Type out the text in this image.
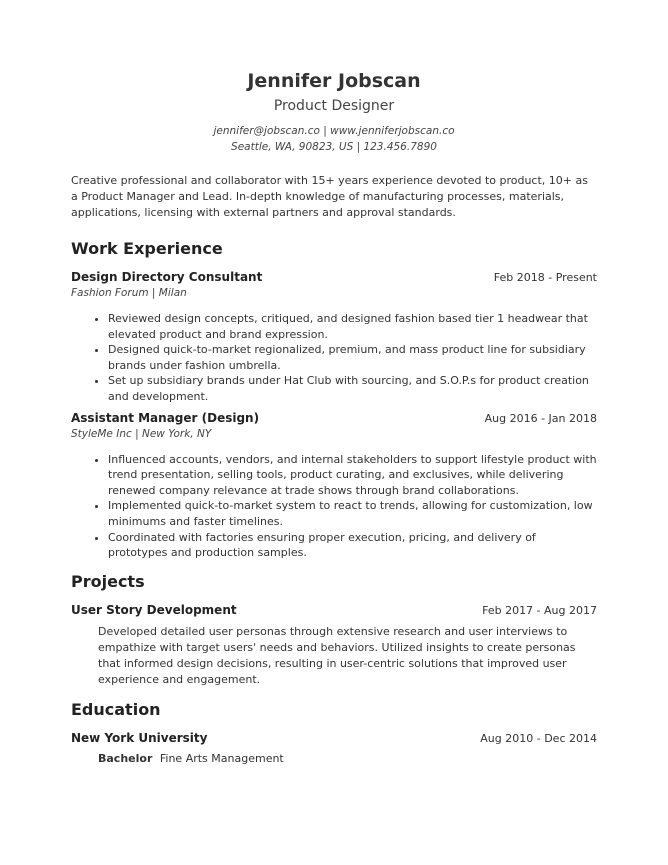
Jennifer Jobscan
Product Designer
jennifer@jobscan.co | www.jenniferjobscan.co
Seattle, WA, 90823, US | 123.456.7890
Creative professional and collaborator with 15+ years experience devoted to product, 10+ as a Product Manager and Lead. In-depth knowledge of manufacturing processes, materials, applications, licensing with external partners and approval standards.
Work Experience
Design Directory Consultant	Feb 2018 - Present
Fashion Forum | Milan
• Reviewed design concepts, critiqued, and designed fashion based tier 1 headwear that elevated product and brand expression.
• Designed quick-to-market regionalized, premium, and mass product line for subsidiary brands under fashion umbrella.
• Set up subsidiary brands under Hat Club with sourcing, and S.O.P.s for product creation and development.
Assistant Manager (Design)	Aug 2016 - Jan 2018
StyleMe Inc | New York, NY
• Influenced accounts, vendors, and internal stakeholders to support lifestyle product with trend presentation, selling tools, product curating, and exclusives, while delivering renewed company relevance at trade shows through brand collaborations.
• Implemented quick-to-market system to react to trends, allowing for customization, low minimums and faster timelines.
• Coordinated with factories ensuring proper execution, pricing, and delivery of prototypes and production samples.
Projects
User Story Development	Feb 2017 - Aug 2017
Developed detailed user personas through extensive research and user interviews to empathize with target users' needs and behaviors. Utilized insights to create personas that informed design decisions, resulting in user-centric solutions that improved user experience and engagement.
Education
New York University	Aug 2010 - Dec 2014
Bachelor Fine Arts Management
